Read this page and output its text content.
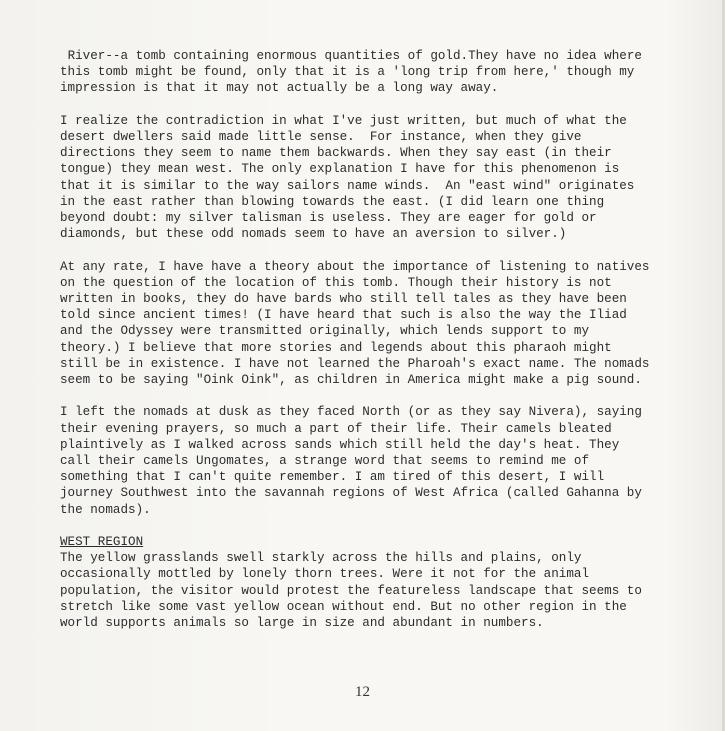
River--a tomb containing enormous quantities of gold.They have no idea where
this tomb might be found, only that it is a 'long trip from here,' though my
impression is that it may not actually be a long way away.

I realize the contradiction in what I've just written, but much of what the
desert dwellers said made little sense.  For instance, when they give
directions they seem to name them backwards. When they say east (in their
tongue) they mean west. The only explanation I have for this phenomenon is
that it is similar to the way sailors name winds.  An "east wind" originates
in the east rather than blowing towards the east. (I did learn one thing
beyond doubt: my silver talisman is useless. They are eager for gold or
diamonds, but these odd nomads seem to have an aversion to silver.)

At any rate, I have have a theory about the importance of listening to natives
on the question of the location of this tomb. Though their history is not
written in books, they do have bards who still tell tales as they have been
told since ancient times! (I have heard that such is also the way the Iliad
and the Odyssey were transmitted originally, which lends support to my
theory.) I believe that more stories and legends about this pharaoh might
still be in existence. I have not learned the Pharoah's exact name. The nomads
seem to be saying "Oink Oink", as children in America might make a pig sound.

I left the nomads at dusk as they faced North (or as they say Nivera), saying
their evening prayers, so much a part of their life. Their camels bleated
plaintively as I walked across sands which still held the day's heat. They
call their camels Ungomates, a strange word that seems to remind me of
something that I can't quite remember. I am tired of this desert, I will
journey Southwest into the savannah regions of West Africa (called Gahanna by
the nomads).

WEST REGION

The yellow grasslands swell starkly across the hills and plains, only
occasionally mottled by lonely thorn trees. Were it not for the animal
population, the visitor would protest the featureless landscape that seems to
stretch like some vast yellow ocean without end. But no other region in the
world supports animals so large in size and abundant in numbers.

12
